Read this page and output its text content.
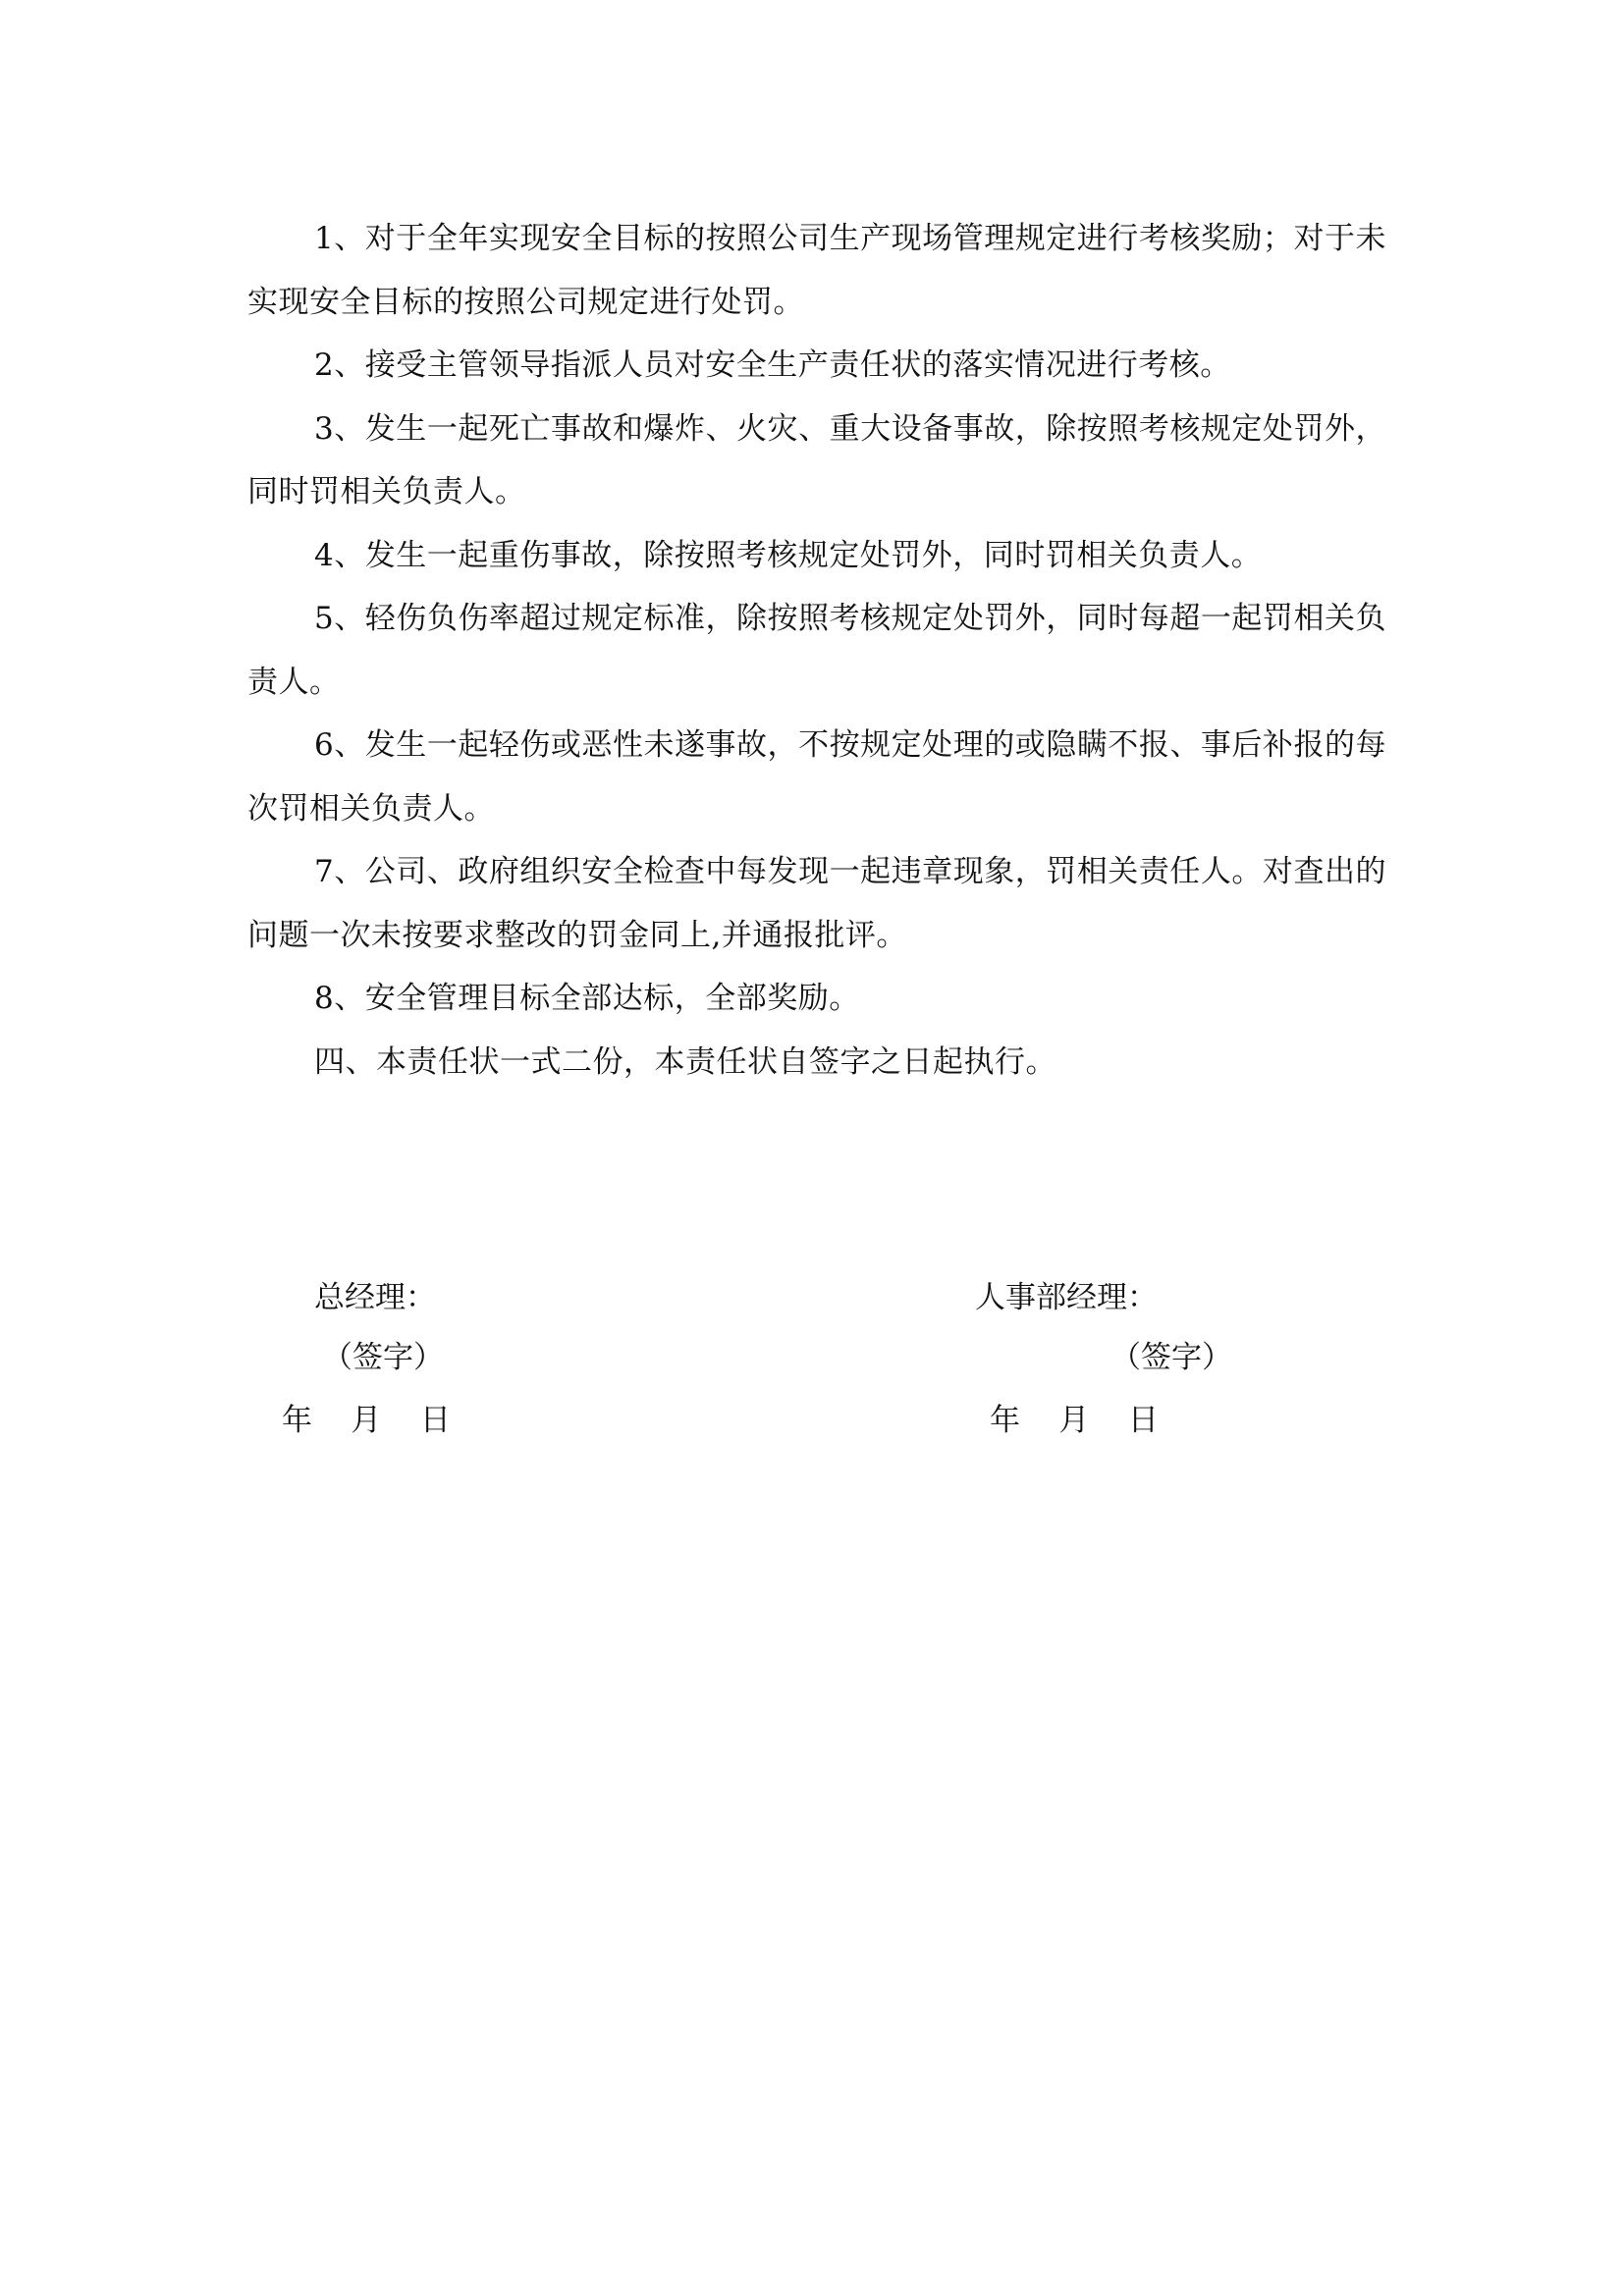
1、对于全年实现安全目标的按照公司生产现场管理规定进行考核奖励；对于未实现安全目标的按照公司规定进行处罚。

2、接受主管领导指派人员对安全生产责任状的落实情况进行考核。

3、发生一起死亡事故和爆炸、火灾、重大设备事故，除按照考核规定处罚外，同时罚相关负责人。

4、发生一起重伤事故，除按照考核规定处罚外，同时罚相关负责人。

5、轻伤负伤率超过规定标准，除按照考核规定处罚外，同时每超一起罚相关负责人。

6、发生一起轻伤或恶性未遂事故，不按规定处理的或隐瞒不报、事后补报的每次罚相关负责人。

7、公司、政府组织安全检查中每发现一起违章现象，罚相关责任人。对查出的问题一次未按要求整改的罚金同上,并通报批评。

8、安全管理目标全部达标，全部奖励。

四、本责任状一式二份，本责任状自签字之日起执行。

总经理：
（签字）
年    月    日
人事部经理：
（签字）
年    月    日
